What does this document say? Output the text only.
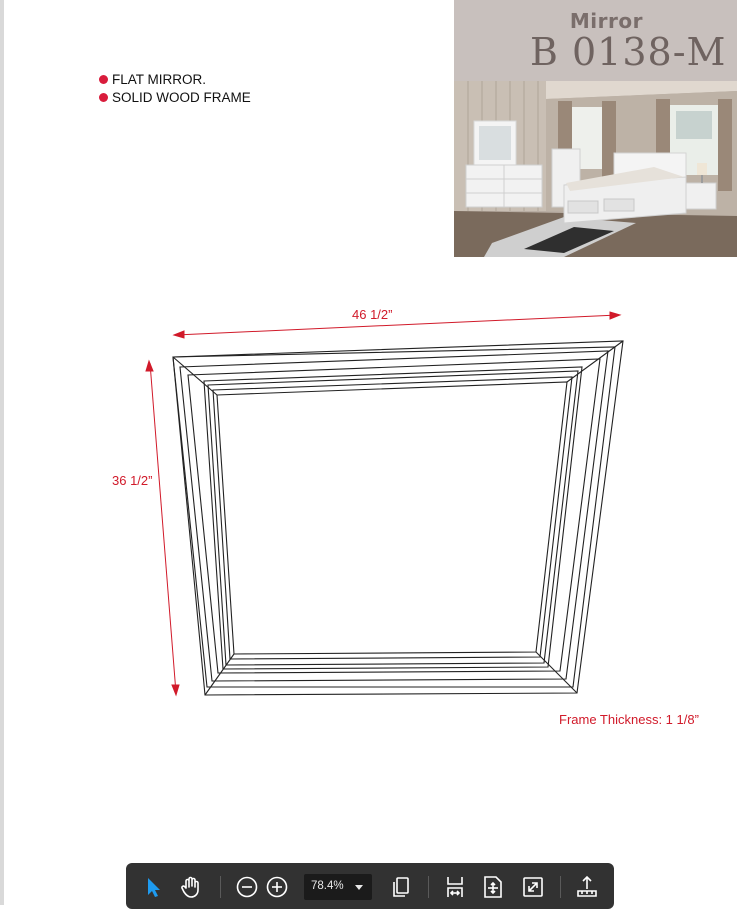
Mirror
B 0138-M
FLAT MIRROR.
SOLID WOOD FRAME
46 1/2”
36 1/2”
Frame Thickness: 1 1/8”
78.4%
